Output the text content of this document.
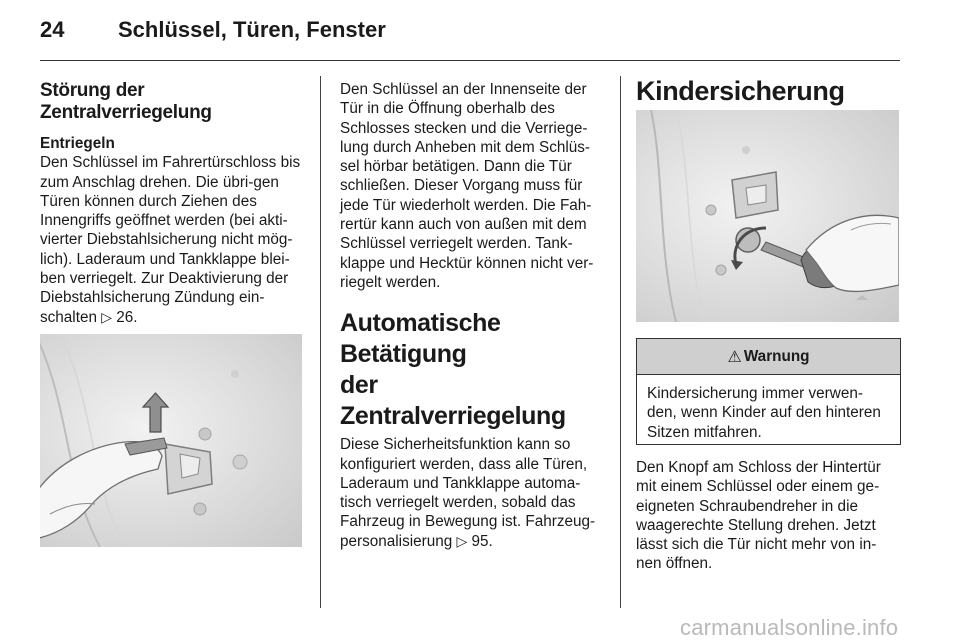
24 Schlüssel, Türen, Fenster

Störung der Zentralverriegelung

Entriegeln

Den Schlüssel im Fahrertürschloss bis zum Anschlag drehen. Die übri-gen Türen können durch Ziehen des Innengriffs geöffnet werden (bei akti-vierter Diebstahlsicherung nicht mög-lich). Laderaum und Tankklappe blei-ben verriegelt. Zur Deaktivierung der Diebstahlsicherung Zündung ein-schalten ▷ 26.

Den Schlüssel an der Innenseite der Tür in die Öffnung oberhalb des Schlosses stecken und die Verriege-lung durch Anheben mit dem Schlüs-sel hörbar betätigen. Dann die Tür schließen. Dieser Vorgang muss für jede Tür wiederholt werden. Die Fah-rertür kann auch von außen mit dem Schlüssel verriegelt werden. Tank-klappe und Hecktür können nicht ver-riegelt werden.

Automatische Betätigung

der Zentralverriegelung

Diese Sicherheitsfunktion kann so konfiguriert werden, dass alle Türen, Laderaum und Tankklappe automa-tisch verriegelt werden, sobald das Fahrzeug in Bewegung ist. Fahrzeug-personalisierung ▷ 95.

Kindersicherung

⚠ Warnung
Kindersicherung immer verwen-den, wenn Kinder auf den hinteren Sitzen mitfahren.

Den Knopf am Schloss der Hintertür mit einem Schlüssel oder einem ge-eigneten Schraubendreher in die waagerechte Stellung drehen. Jetzt lässt sich die Tür nicht mehr von in-nen öffnen.

carmanualsonline.info
